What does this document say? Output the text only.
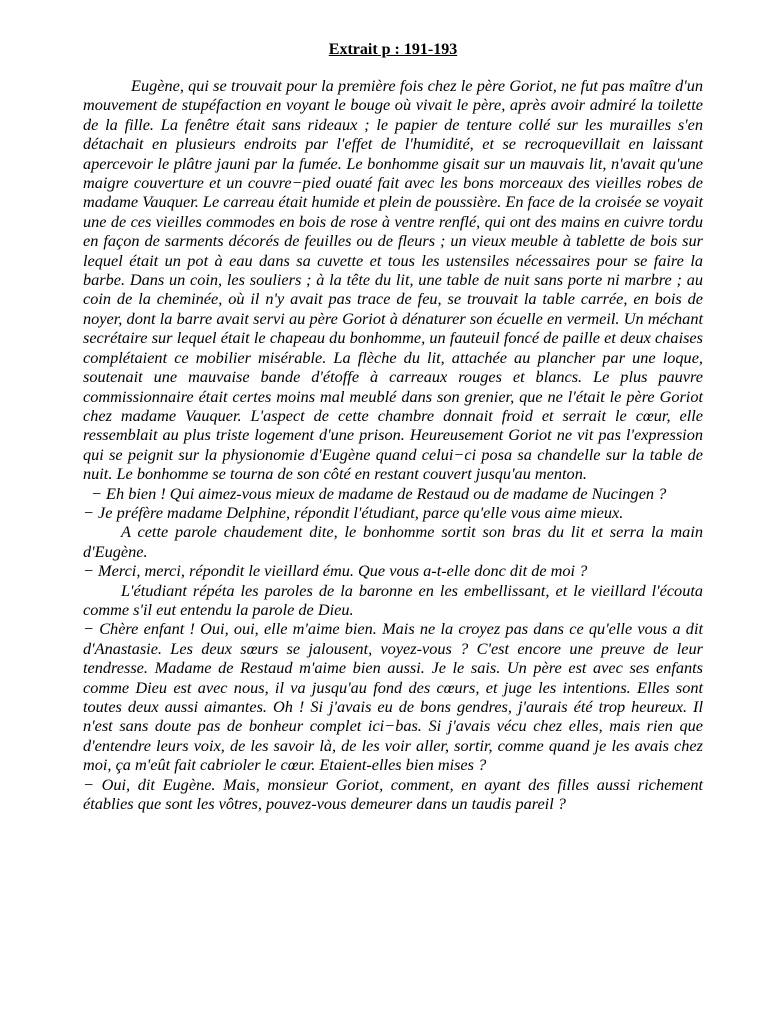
Extrait p : 191-193

Eugène, qui se trouvait pour la première fois chez le père Goriot, ne fut pas maître d'un mouvement de stupéfaction en voyant le bouge où vivait le père, après avoir admiré la toilette de la fille. La fenêtre était sans rideaux ; le papier de tenture collé sur les murailles s'en détachait en plusieurs endroits par l'effet de l'humidité, et se recroquevillait en laissant apercevoir le plâtre jauni par la fumée. Le bonhomme gisait sur un mauvais lit, n'avait qu'une maigre couverture et un couvre−pied ouaté fait avec les bons morceaux des vieilles robes de madame Vauquer. Le carreau était humide et plein de poussière. En face de la croisée se voyait une de ces vieilles commodes en bois de rose à ventre renflé, qui ont des mains en cuivre tordu en façon de sarments décorés de feuilles ou de fleurs ; un vieux meuble à tablette de bois sur lequel était un pot à eau dans sa cuvette et tous les ustensiles nécessaires pour se faire la barbe. Dans un coin, les souliers ; à la tête du lit, une table de nuit sans porte ni marbre ; au coin de la cheminée, où il n'y avait pas trace de feu, se trouvait la table carrée, en bois de noyer, dont la barre avait servi au père Goriot à dénaturer son écuelle en vermeil. Un méchant secrétaire sur lequel était le chapeau du bonhomme, un fauteuil foncé de paille et deux chaises complétaient ce mobilier misérable. La flèche du lit, attachée au plancher par une loque, soutenait une mauvaise bande d'étoffe à carreaux rouges et blancs. Le plus pauvre commissionnaire était certes moins mal meublé dans son grenier, que ne l'était le père Goriot chez madame Vauquer. L'aspect de cette chambre donnait froid et serrait le cœur, elle ressemblait au plus triste logement d'une prison. Heureusement Goriot ne vit pas l'expression qui se peignit sur la physionomie d'Eugène quand celui−ci posa sa chandelle sur la table de nuit. Le bonhomme se tourna de son côté en restant couvert jusqu'au menton.

− Eh bien ! Qui aimez-vous mieux de madame de Restaud ou de madame de Nucingen ?

− Je préfère madame Delphine, répondit l'étudiant, parce qu'elle vous aime mieux.

A cette parole chaudement dite, le bonhomme sortit son bras du lit et serra la main d'Eugène.

− Merci, merci, répondit le vieillard ému. Que vous a-t-elle donc dit de moi ?

L'étudiant répéta les paroles de la baronne en les embellissant, et le vieillard l'écouta comme s'il eut entendu la parole de Dieu.

− Chère enfant ! Oui, oui, elle m'aime bien. Mais ne la croyez pas dans ce qu'elle vous a dit d'Anastasie. Les deux sœurs se jalousent, voyez-vous ? C'est encore une preuve de leur tendresse. Madame de Restaud m'aime bien aussi. Je le sais. Un père est avec ses enfants comme Dieu est avec nous, il va jusqu'au fond des cœurs, et juge les intentions. Elles sont toutes deux aussi aimantes. Oh ! Si j'avais eu de bons gendres, j'aurais été trop heureux. Il n'est sans doute pas de bonheur complet ici−bas. Si j'avais vécu chez elles, mais rien que d'entendre leurs voix, de les savoir là, de les voir aller, sortir, comme quand je les avais chez moi, ça m'eût fait cabrioler le cœur. Etaient-elles bien mises ?

− Oui, dit Eugène. Mais, monsieur Goriot, comment, en ayant des filles aussi richement établies que sont les vôtres, pouvez-vous demeurer dans un taudis pareil ?
